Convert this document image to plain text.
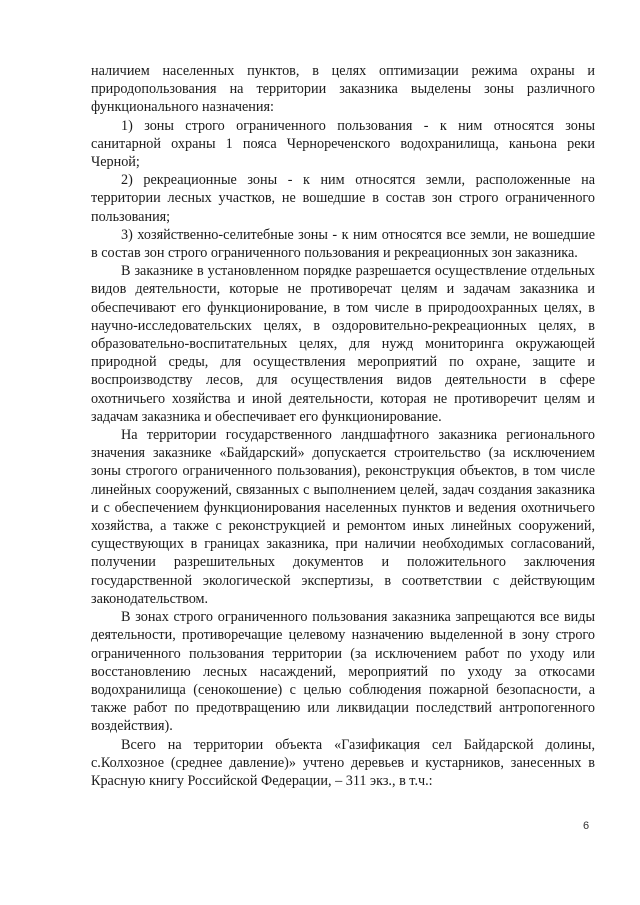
наличием населенных пунктов, в целях оптимизации режима охраны и природопользования на территории заказника выделены зоны различного функционального назначения:

1) зоны строго ограниченного пользования - к ним относятся зоны санитарной охраны 1 пояса Чернореченского водохранилища, каньона реки Черной;

2) рекреационные зоны - к ним относятся земли, расположенные на территории лесных участков, не вошедшие в состав зон строго ограниченного пользования;

3) хозяйственно-селитебные зоны - к ним относятся все земли, не вошедшие в состав зон строго ограниченного пользования и рекреационных зон заказника.

В заказнике в установленном порядке разрешается осуществление отдельных видов деятельности, которые не противоречат целям и задачам заказника и обеспечивают его функционирование, в том числе в природоохранных целях, в научно-исследовательских целях, в оздоровительно-рекреационных целях, в образовательно-воспитательных целях, для нужд мониторинга окружающей природной среды, для осуществления мероприятий по охране, защите и воспроизводству лесов, для осуществления видов деятельности в сфере охотничьего хозяйства и иной деятельности, которая не противоречит целям и задачам заказника и обеспечивает его функционирование.

На территории государственного ландшафтного заказника регионального значения заказнике «Байдарский» допускается строительство (за исключением зоны строгого ограниченного пользования), реконструкция объектов, в том числе линейных сооружений, связанных с выполнением целей, задач создания заказника и с обеспечением функционирования населенных пунктов и ведения охотничьего хозяйства, а также с реконструкцией и ремонтом иных линейных сооружений, существующих в границах заказника, при наличии необходимых согласований, получении разрешительных документов и положительного заключения государственной экологической экспертизы, в соответствии с действующим законодательством.

В зонах строго ограниченного пользования заказника запрещаются все виды деятельности, противоречащие целевому назначению выделенной в зону строго ограниченного пользования территории (за исключением работ по уходу или восстановлению лесных насаждений, мероприятий по уходу за откосами водохранилища (сенокошение) с целью соблюдения пожарной безопасности, а также работ по предотвращению или ликвидации последствий антропогенного воздействия).

Всего на территории объекта «Газификация сел Байдарской долины, с.Колхозное (среднее давление)» учтено деревьев и кустарников, занесенных в Красную книгу Российской Федерации, – 311 экз., в т.ч.:

6
